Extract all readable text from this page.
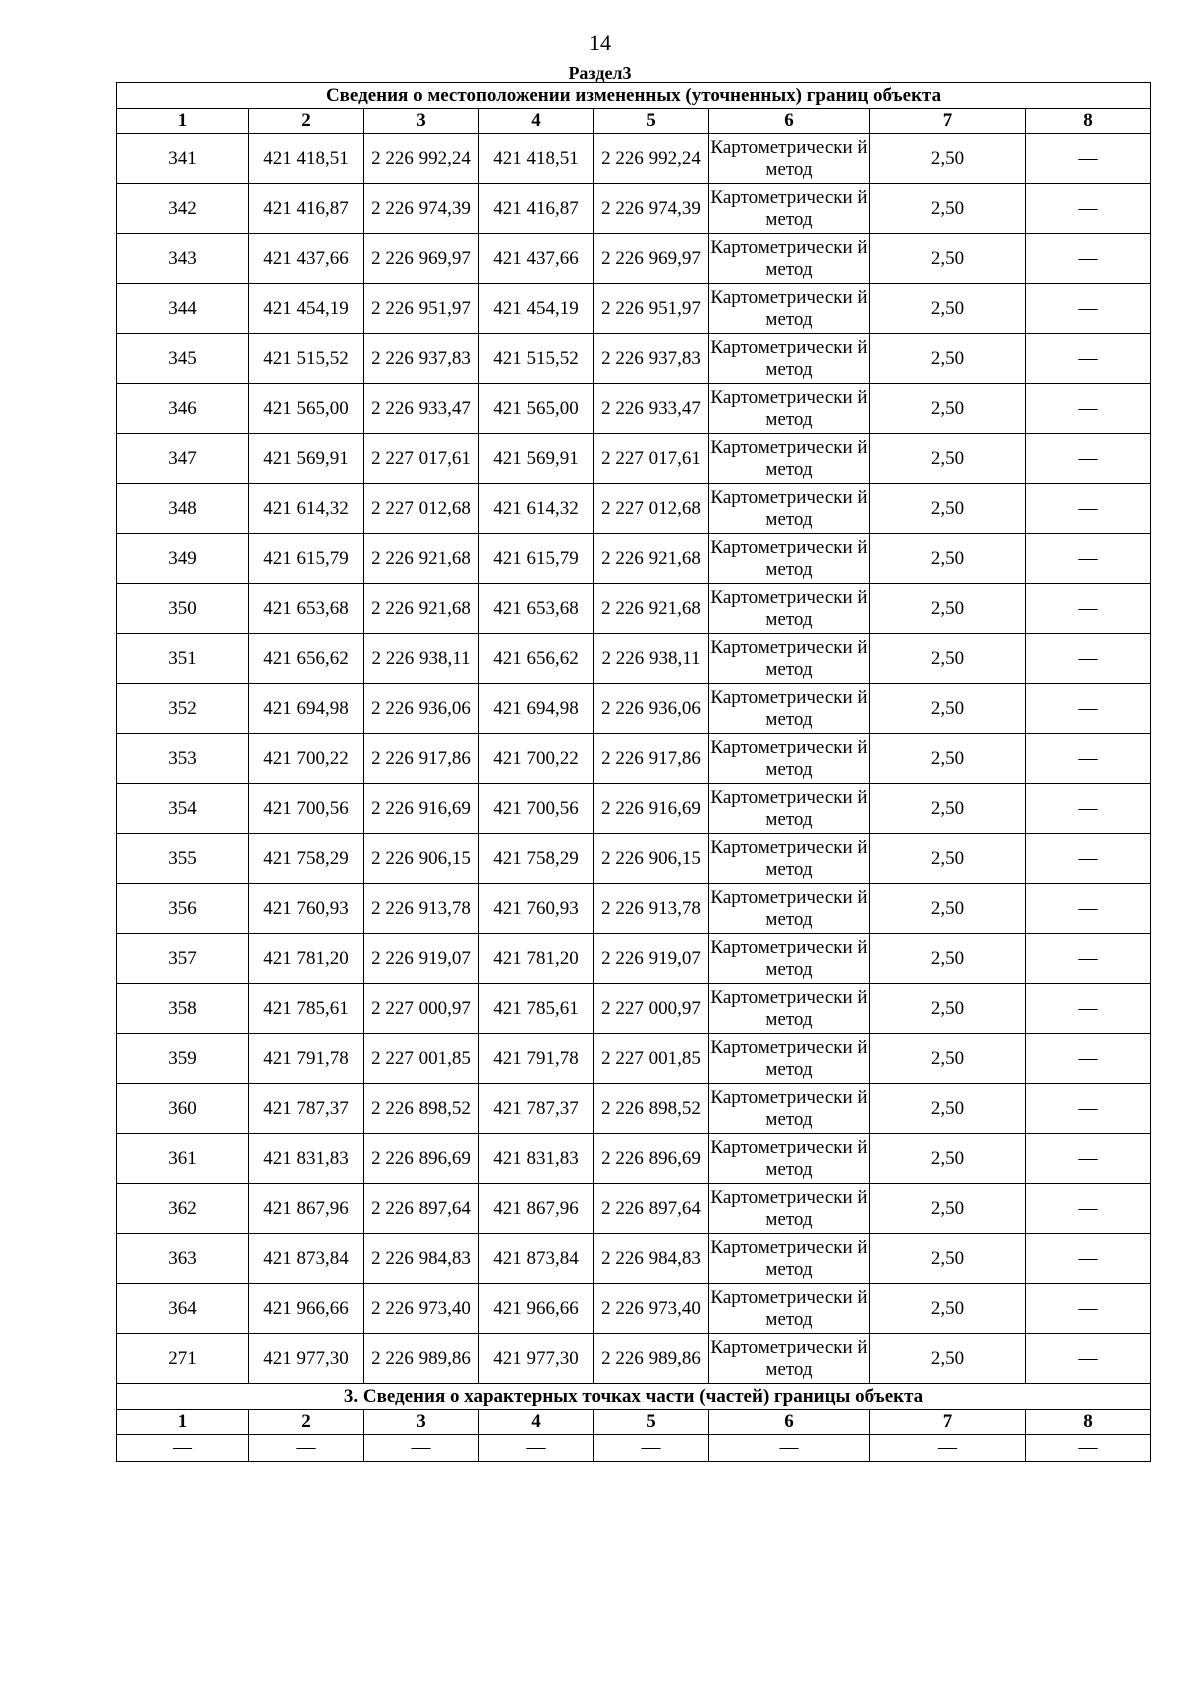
14
Раздел3
Сведения о местоположении измененных (уточненных) границ объекта							
1	2	3	4	5	6	7	8
341	421 418,51	2 226 992,24	421 418,51	2 226 992,24	Картометрически й метод	2,50	—
342	421 416,87	2 226 974,39	421 416,87	2 226 974,39	Картометрически й метод	2,50	—
343	421 437,66	2 226 969,97	421 437,66	2 226 969,97	Картометрически й метод	2,50	—
344	421 454,19	2 226 951,97	421 454,19	2 226 951,97	Картометрически й метод	2,50	—
345	421 515,52	2 226 937,83	421 515,52	2 226 937,83	Картометрически й метод	2,50	—
346	421 565,00	2 226 933,47	421 565,00	2 226 933,47	Картометрически й метод	2,50	—
347	421 569,91	2 227 017,61	421 569,91	2 227 017,61	Картометрически й метод	2,50	—
348	421 614,32	2 227 012,68	421 614,32	2 227 012,68	Картометрически й метод	2,50	—
349	421 615,79	2 226 921,68	421 615,79	2 226 921,68	Картометрически й метод	2,50	—
350	421 653,68	2 226 921,68	421 653,68	2 226 921,68	Картометрически й метод	2,50	—
351	421 656,62	2 226 938,11	421 656,62	2 226 938,11	Картометрически й метод	2,50	—
352	421 694,98	2 226 936,06	421 694,98	2 226 936,06	Картометрически й метод	2,50	—
353	421 700,22	2 226 917,86	421 700,22	2 226 917,86	Картометрически й метод	2,50	—
354	421 700,56	2 226 916,69	421 700,56	2 226 916,69	Картометрически й метод	2,50	—
355	421 758,29	2 226 906,15	421 758,29	2 226 906,15	Картометрически й метод	2,50	—
356	421 760,93	2 226 913,78	421 760,93	2 226 913,78	Картометрически й метод	2,50	—
357	421 781,20	2 226 919,07	421 781,20	2 226 919,07	Картометрически й метод	2,50	—
358	421 785,61	2 227 000,97	421 785,61	2 227 000,97	Картометрически й метод	2,50	—
359	421 791,78	2 227 001,85	421 791,78	2 227 001,85	Картометрически й метод	2,50	—
360	421 787,37	2 226 898,52	421 787,37	2 226 898,52	Картометрически й метод	2,50	—
361	421 831,83	2 226 896,69	421 831,83	2 226 896,69	Картометрически й метод	2,50	—
362	421 867,96	2 226 897,64	421 867,96	2 226 897,64	Картометрически й метод	2,50	—
363	421 873,84	2 226 984,83	421 873,84	2 226 984,83	Картометрически й метод	2,50	—
364	421 966,66	2 226 973,40	421 966,66	2 226 973,40	Картометрически й метод	2,50	—
271	421 977,30	2 226 989,86	421 977,30	2 226 989,86	Картометрически й метод	2,50	—
3. Сведения о характерных точках части (частей) границы объекта							
1	2	3	4	5	6	7	8
—	—	—	—	—	—	—	—
